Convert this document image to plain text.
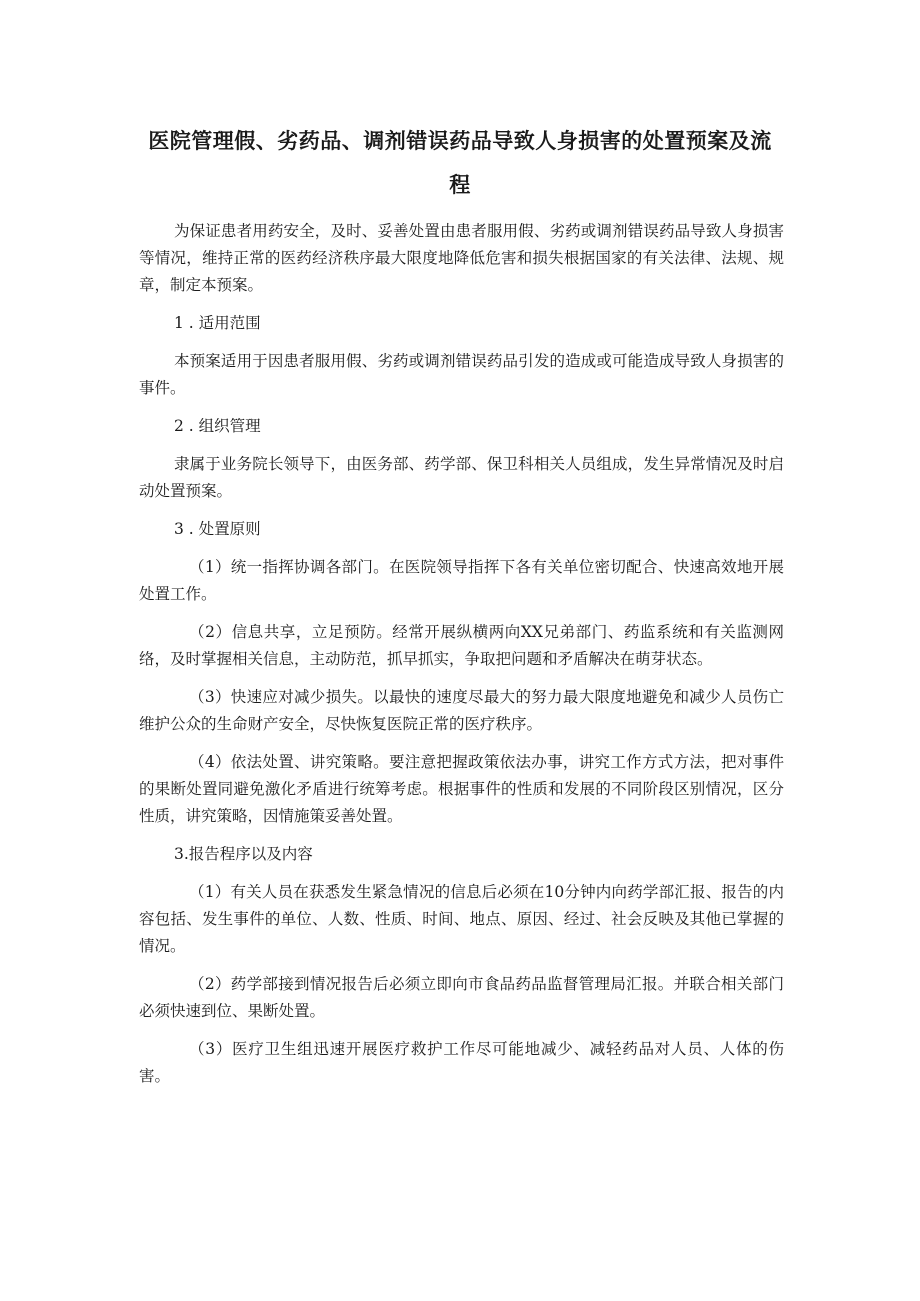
医院管理假、劣药品、调剂错误药品导致人身损害的处置预案及流
程

为保证患者用药安全，及时、妥善处置由患者服用假、劣药或调剂错误药品导致人身损害等情况，维持正常的医药经济秩序最大限度地降低危害和损失根据国家的有关法律、法规、规章，制定本预案。

1 . 适用范围

本预案适用于因患者服用假、劣药或调剂错误药品引发的造成或可能造成导致人身损害的事件。

2 . 组织管理

隶属于业务院长领导下，由医务部、药学部、保卫科相关人员组成，发生异常情况及时启动处置预案。

3 . 处置原则

（1）统一指挥协调各部门。在医院领导指挥下各有关单位密切配合、快速高效地开展处置工作。

（2）信息共享，立足预防。经常开展纵横两向XX兄弟部门、药监系统和有关监测网络，及时掌握相关信息，主动防范，抓早抓实，争取把问题和矛盾解决在萌芽状态。

（3）快速应对减少损失。以最快的速度尽最大的努力最大限度地避免和减少人员伤亡维护公众的生命财产安全，尽快恢复医院正常的医疗秩序。

（4）依法处置、讲究策略。要注意把握政策依法办事，讲究工作方式方法，把对事件的果断处置同避免激化矛盾进行统筹考虑。根据事件的性质和发展的不同阶段区别情况，区分性质，讲究策略，因情施策妥善处置。

3.报告程序以及内容

（1）有关人员在获悉发生紧急情况的信息后必须在10分钟内向药学部汇报、报告的内容包括、发生事件的单位、人数、性质、时间、地点、原因、经过、社会反映及其他已掌握的情况。

（2）药学部接到情况报告后必须立即向市食品药品监督管理局汇报。并联合相关部门必须快速到位、果断处置。

（3）医疗卫生组迅速开展医疗救护工作尽可能地减少、减轻药品对人员、人体的伤害。
